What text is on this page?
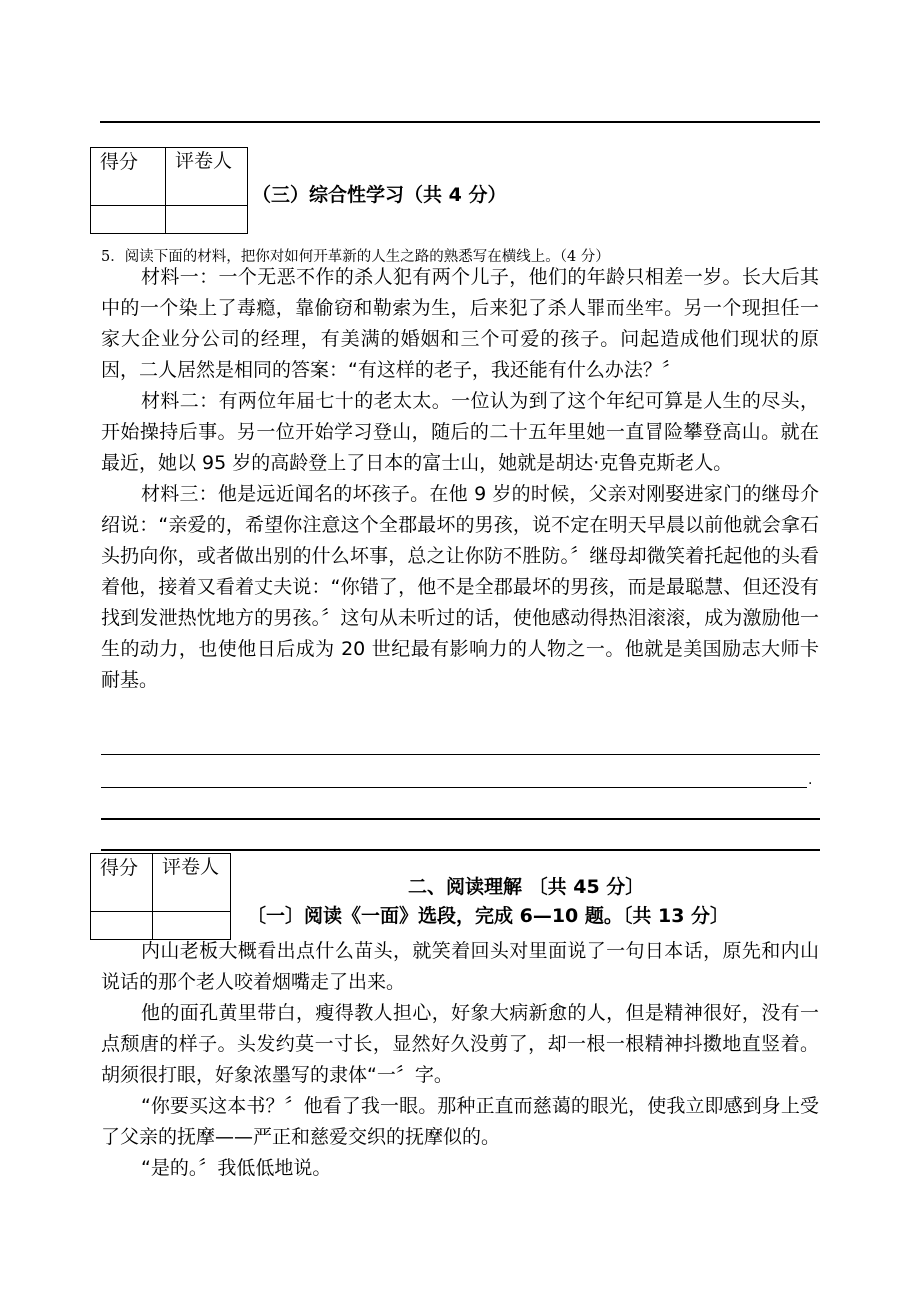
得分	评卷人

（三）综合性学习（共 4 分）
5．阅读下面的材料，把你对如何开革新的人生之路的熟悉写在横线上。（4 分）

材料一：一个无恶不作的杀人犯有两个儿子，他们的年龄只相差一岁。长大后其中的一个染上了毒瘾，靠偷窃和勒索为生，后来犯了杀人罪而坐牢。另一个现担任一家大企业分公司的经理，有美满的婚姻和三个可爱的孩子。问起造成他们现状的原因，二人居然是相同的答案：“有这样的老子，我还能有什么办法？〞

材料二：有两位年届七十的老太太。一位认为到了这个年纪可算是人生的尽头，开始操持后事。另一位开始学习登山，随后的二十五年里她一直冒险攀登高山。就在最近，她以 95 岁的高龄登上了日本的富士山，她就是胡达·克鲁克斯老人。

材料三：他是远近闻名的坏孩子。在他 9 岁的时候，父亲对刚娶进家门的继母介绍说：“亲爱的，希望你注意这个全郡最坏的男孩，说不定在明天早晨以前他就会拿石头扔向你，或者做出别的什么坏事，总之让你防不胜防。〞继母却微笑着托起他的头看着他，接着又看着丈夫说：“你错了，他不是全郡最坏的男孩，而是最聪慧、但还没有找到发泄热忱地方的男孩。〞这句从未听过的话，使他感动得热泪滚滚，成为激励他一生的动力，也使他日后成为 20 世纪最有影响力的人物之一。他就是美国励志大师卡耐基。

.
得分	评卷人

二、阅读理解 〔共 45 分〕
〔一〕阅读《一面》选段，完成 6—10 题。〔共 13 分〕

内山老板大概看出点什么苗头，就笑着回头对里面说了一句日本话，原先和内山说话的那个老人咬着烟嘴走了出来。

他的面孔黄里带白，瘦得教人担心，好象大病新愈的人，但是精神很好，没有一点颓唐的样子。头发约莫一寸长，显然好久没剪了，却一根一根精神抖擞地直竖着。胡须很打眼，好象浓墨写的隶体“一〞字。

“你要买这本书？〞他看了我一眼。那种正直而慈蔼的眼光，使我立即感到身上受了父亲的抚摩——严正和慈爱交织的抚摩似的。

“是的。〞我低低地说。
